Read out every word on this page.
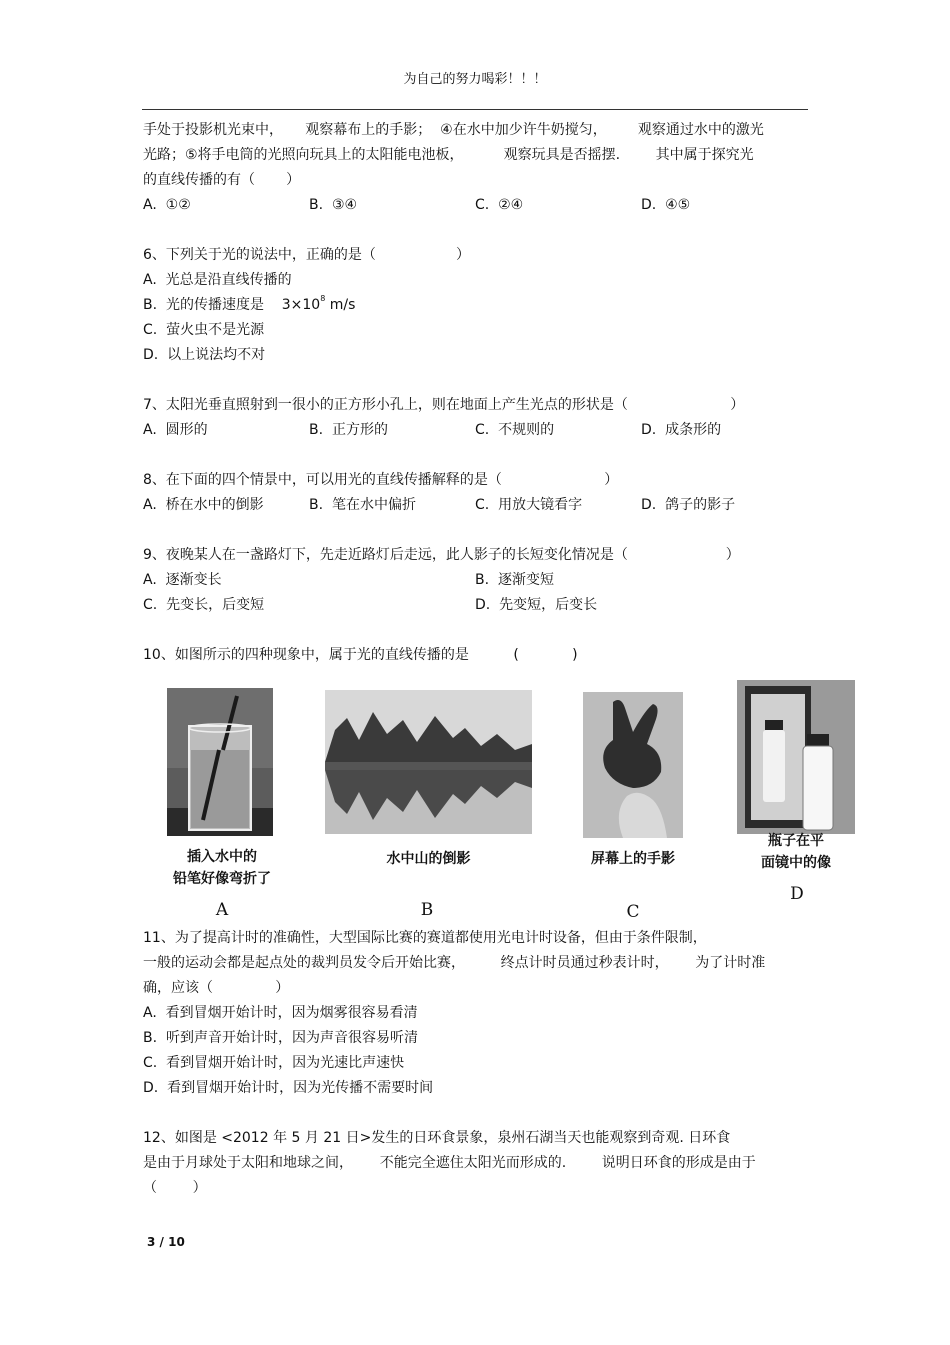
为自己的努力喝彩！！！
手处于投影机光束中，     观察幕布上的手影；  ④在水中加少许牛奶搅匀，       观察通过水中的激光
光路；⑤将手电筒的光照向玩具上的太阳能电池板，         观察玩具是否摇摆.        其中属于探究光
的直线传播的有（       ）
A.  ①②	B.  ③④	C.  ②④	D.  ④⑤
6、下列关于光的说法中，正确的是（                  ）
A.  光总是沿直线传播的
B.  光的传播速度是    $3\times 10^8$ m/s
C.  萤火虫不是光源
D.  以上说法均不对
7、太阳光垂直照射到一很小的正方形小孔上，则在地面上产生光点的形状是（                       ）
A.  圆形的	B.  正方形的	C.  不规则的	D.  成条形的
8、在下面的四个情景中，可以用光的直线传播解释的是（                       ）
A.  桥在水中的倒影	B.  笔在水中偏折	C.  用放大镜看字	D.  鸽子的影子
9、夜晚某人在一盏路灯下，先走近路灯后走远，此人影子的长短变化情况是（                      ）
A.  逐渐变长	B.  逐渐变短
C.  先变长，后变短	D.  先变短，后变长
10、如图所示的四种现象中，属于光的直线传播的是          (            )
插入水中的
铅笔好像弯折了
A
水中山的倒影
B
屏幕上的手影
C
瓶子在平
面镜中的像
D
11、为了提高计时的准确性，大型国际比赛的赛道都使用光电计时设备，但由于条件限制，
一般的运动会都是起点处的裁判员发令后开始比赛，        终点计时员通过秒表计时，      为了计时准
确，应该（              ）
A.  看到冒烟开始计时，因为烟雾很容易看清
B.  听到声音开始计时，因为声音很容易听清
C.  看到冒烟开始计时，因为光速比声速快
D.  看到冒烟开始计时，因为光传播不需要时间
12、如图是 <2012 年 5 月 21 日>发生的日环食景象，泉州石湖当天也能观察到奇观. 日环食
是由于月球处于太阳和地球之间，      不能完全遮住太阳光而形成的.        说明日环食的形成是由于
（        ）
3 / 10
